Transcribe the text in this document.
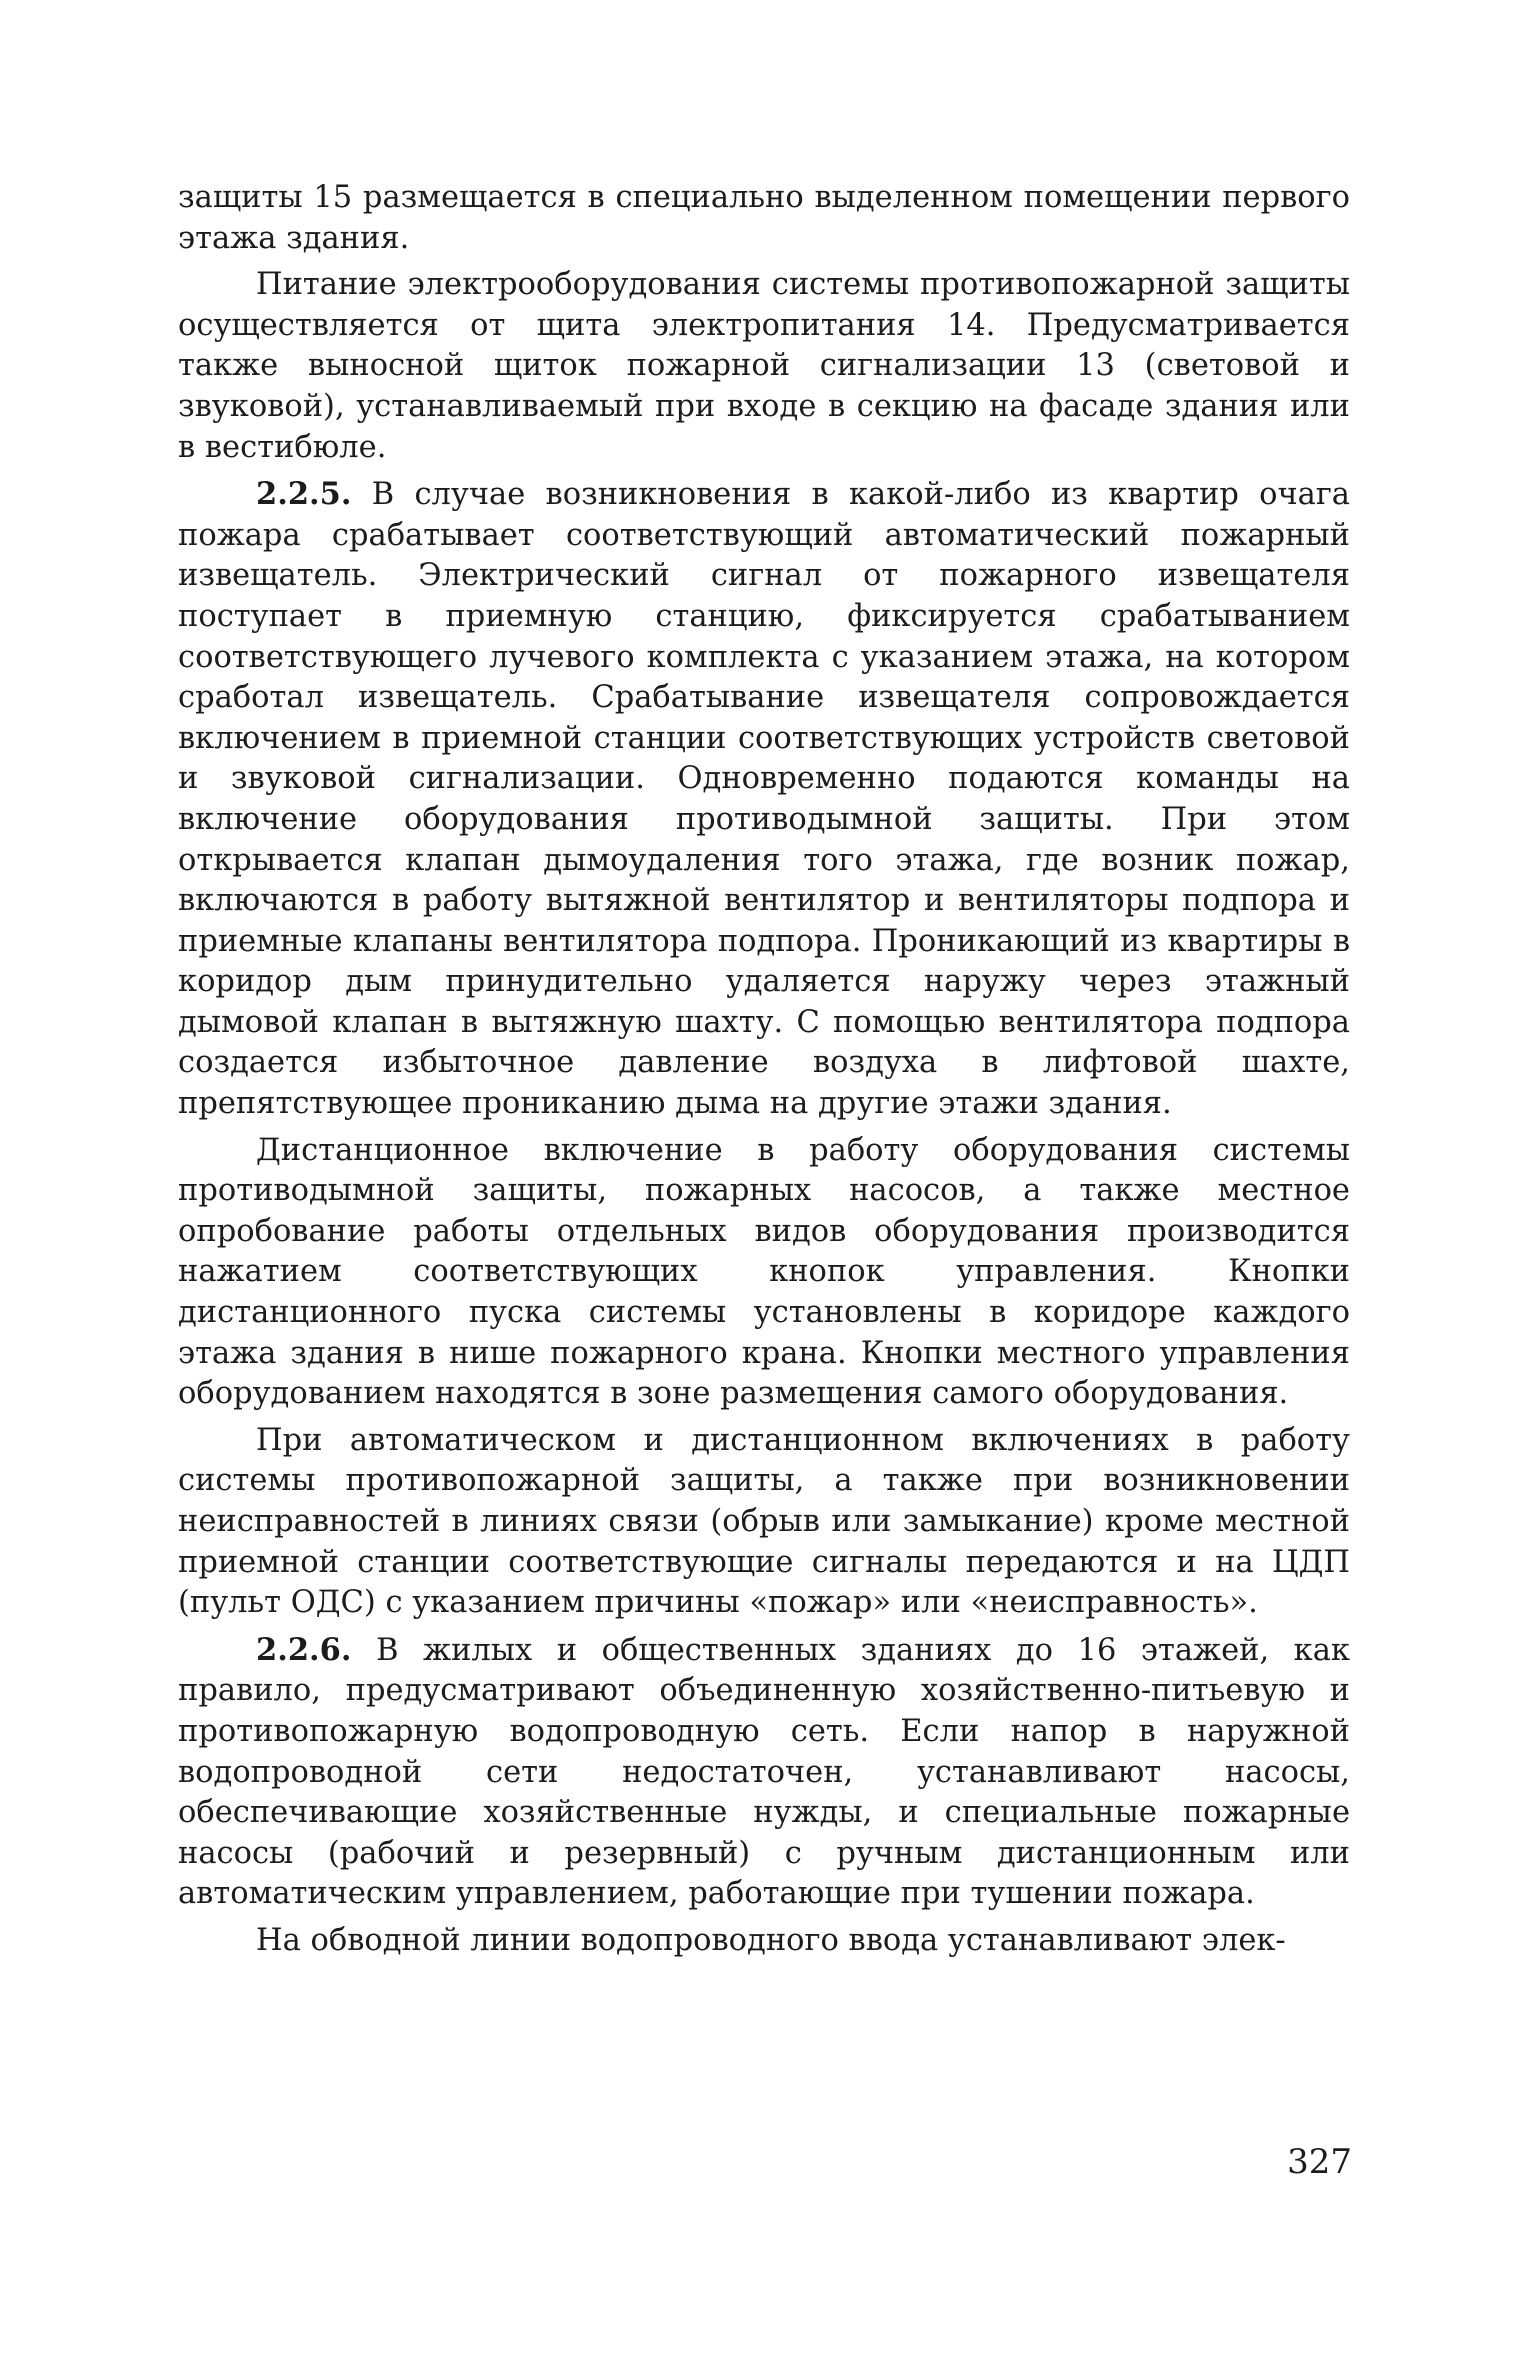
защиты 15 размещается в специально выделенном помещении первого этажа здания.

Питание электрооборудования системы противопожарной защиты осуществляется от щита электропитания 14. Предусматривается также выносной щиток пожарной сигнализации 13 (световой и звуковой), устанавливаемый при входе в секцию на фасаде здания или в вестибюле.

2.2.5. В случае возникновения в какой-либо из квартир очага пожара срабатывает соответствующий автоматический пожарный извещатель. Электрический сигнал от пожарного извещателя поступает в приемную станцию, фиксируется срабатыванием соответствующего лучевого комплекта с указанием этажа, на котором сработал извещатель. Срабатывание извещателя сопровождается включением в приемной станции соответствующих устройств световой и звуковой сигнализации. Одновременно подаются команды на включение оборудования противодымной защиты. При этом открывается клапан дымоудаления того этажа, где возник пожар, включаются в работу вытяжной вентилятор и вентиляторы подпора и приемные клапаны вентилятора подпора. Проникающий из квартиры в коридор дым принудительно удаляется наружу через этажный дымовой клапан в вытяжную шахту. С помощью вентилятора подпора создается избыточное давление воздуха в лифтовой шахте, препятствующее прониканию дыма на другие этажи здания.

Дистанционное включение в работу оборудования системы противодымной защиты, пожарных насосов, а также местное опробование работы отдельных видов оборудования производится нажатием соответствующих кнопок управления. Кнопки дистанционного пуска системы установлены в коридоре каждого этажа здания в нише пожарного крана. Кнопки местного управления оборудованием находятся в зоне размещения самого оборудования.

При автоматическом и дистанционном включениях в работу системы противопожарной защиты, а также при возникновении неисправностей в линиях связи (обрыв или замыкание) кроме местной приемной станции соответствующие сигналы передаются и на ЦДП (пульт ОДС) с указанием причины «пожар» или «неисправность».

2.2.6. В жилых и общественных зданиях до 16 этажей, как правило, предусматривают объединенную хозяйственно-питьевую и противопожарную водопроводную сеть. Если напор в наружной водопроводной сети недостаточен, устанавливают насосы, обеспечивающие хозяйственные нужды, и специальные пожарные насосы (рабочий и резервный) с ручным дистанционным или автоматическим управлением, работающие при тушении пожара.

На обводной линии водопроводного ввода устанавливают элек-

327
